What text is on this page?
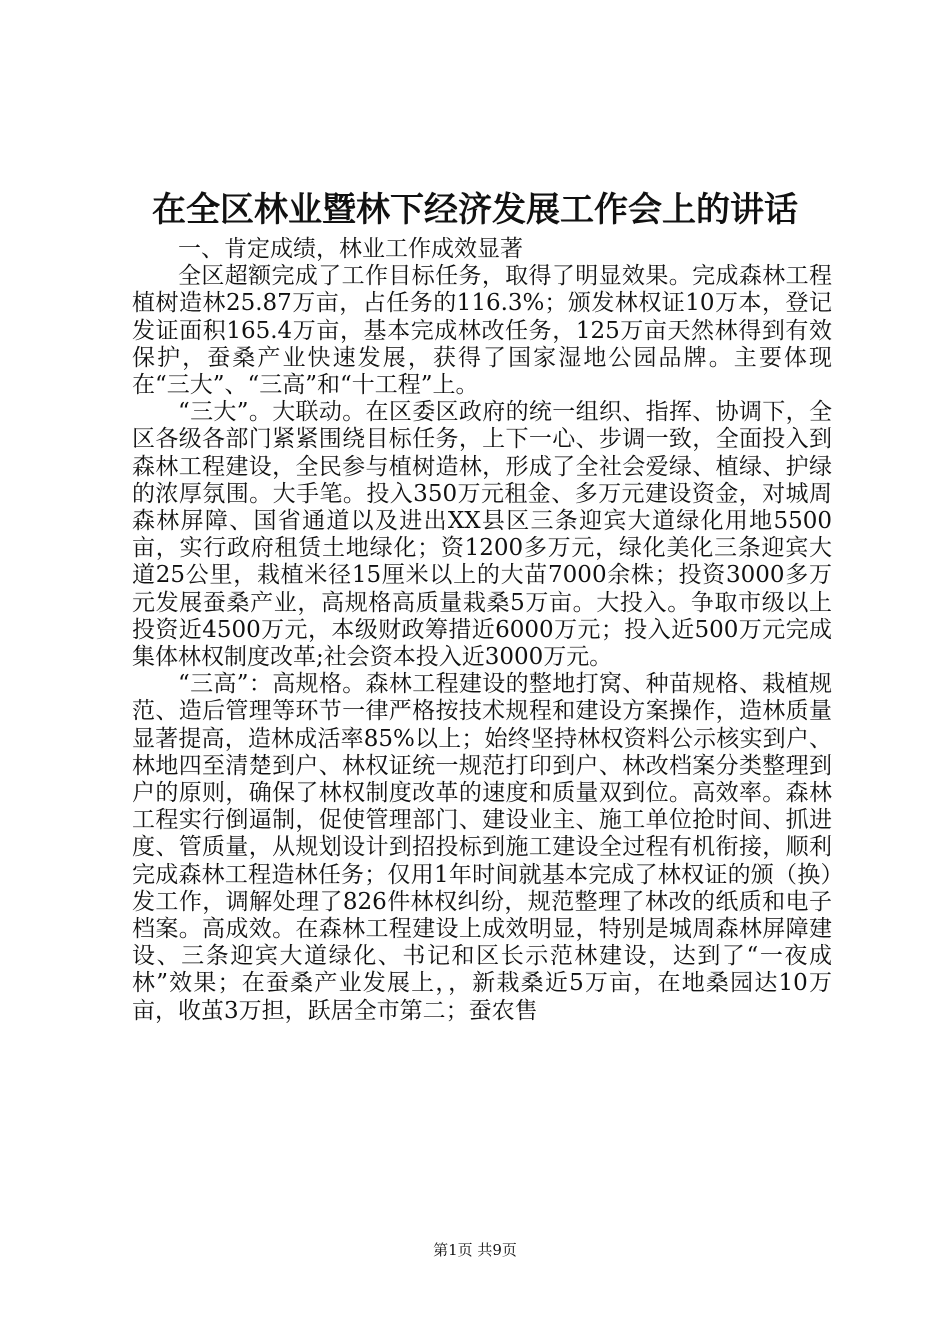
在全区林业暨林下经济发展工作会上的讲话

一、肯定成绩，林业工作成效显著

全区超额完成了工作目标任务，取得了明显效果。完成森林工程植树造林25.87万亩，占任务的116.3%；颁发林权证10万本，登记发证面积165.4万亩，基本完成林改任务，125万亩天然林得到有效保护，蚕桑产业快速发展，获得了国家湿地公园品牌。主要体现在“三大”、“三高”和“十工程”上。

“三大”。大联动。在区委区政府的统一组织、指挥、协调下，全区各级各部门紧紧围绕目标任务，上下一心、步调一致，全面投入到森林工程建设，全民参与植树造林，形成了全社会爱绿、植绿、护绿的浓厚氛围。大手笔。投入350万元租金、多万元建设资金，对城周森林屏障、国省通道以及进出XX县区三条迎宾大道绿化用地5500亩，实行政府租赁土地绿化；资1200多万元，绿化美化三条迎宾大道25公里，栽植米径15厘米以上的大苗7000余株；投资3000多万元发展蚕桑产业，高规格高质量栽桑5万亩。大投入。争取市级以上投资近4500万元，本级财政筹措近6000万元；投入近500万元完成集体林权制度改革;社会资本投入近3000万元。

“三高”：高规格。森林工程建设的整地打窝、种苗规格、栽植规范、造后管理等环节一律严格按技术规程和建设方案操作，造林质量显著提高，造林成活率85%以上；始终坚持林权资料公示核实到户、林地四至清楚到户、林权证统一规范打印到户、林改档案分类整理到户的原则，确保了林权制度改革的速度和质量双到位。高效率。森林工程实行倒逼制，促使管理部门、建设业主、施工单位抢时间、抓进度、管质量，从规划设计到招投标到施工建设全过程有机衔接，顺利完成森林工程造林任务；仅用1年时间就基本完成了林权证的颁（换）发工作，调解处理了826件林权纠纷，规范整理了林改的纸质和电子档案。高成效。在森林工程建设上成效明显，特别是城周森林屏障建设、三条迎宾大道绿化、书记和区长示范林建设，达到了“一夜成林”效果；在蚕桑产业发展上，，新栽桑近5万亩，在地桑园达10万亩，收茧3万担，跃居全市第二；蚕农售

第1页 共9页
